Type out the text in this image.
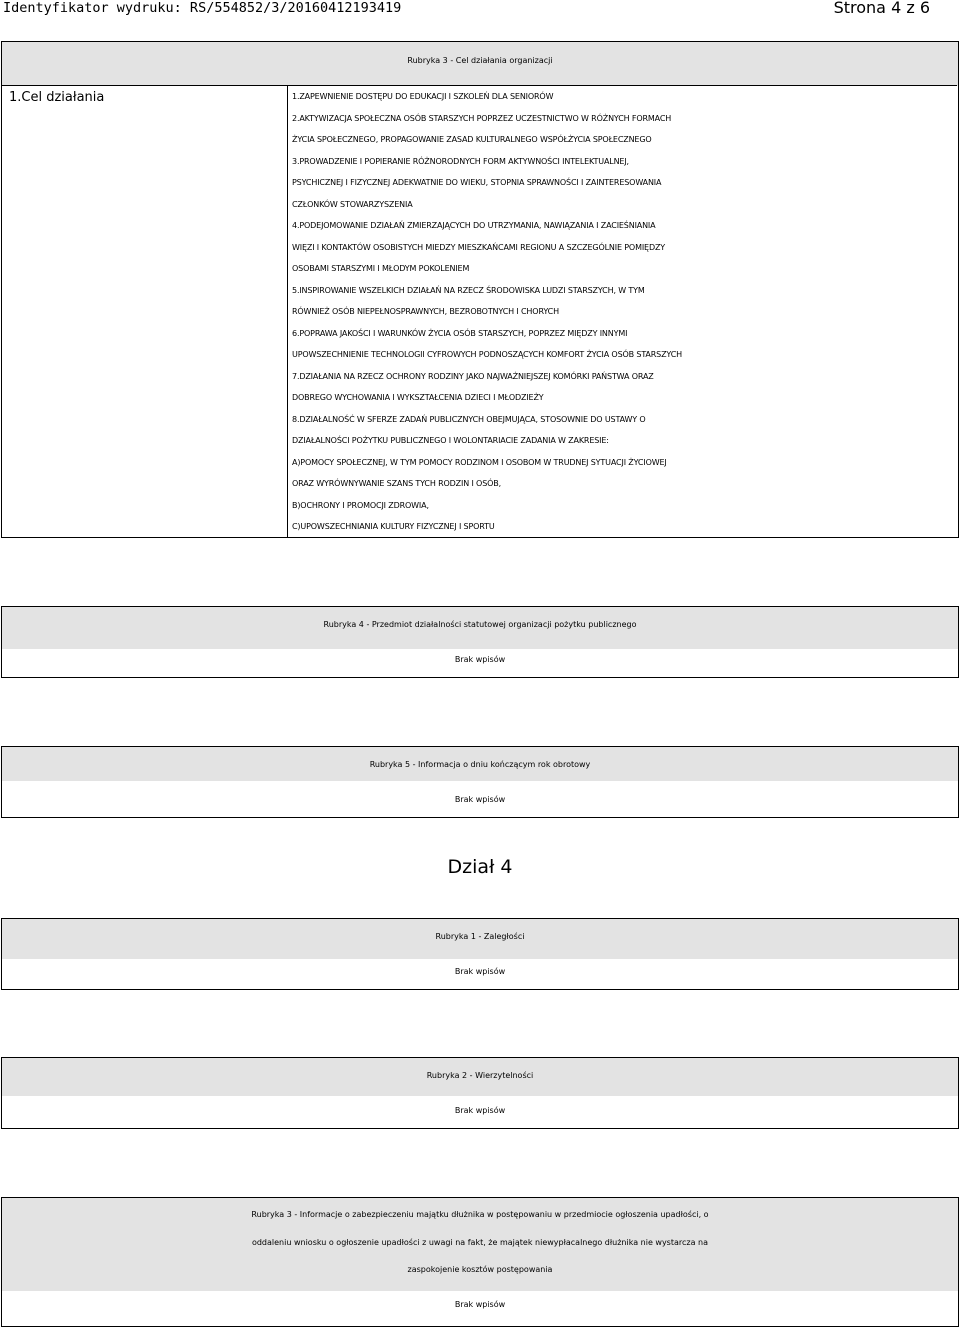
Identyfikator wydruku: RS/554852/3/20160412193419	Strona 4 z 6
Rubryka 3 - Cel działania organizacji
1.Cel działania	1.ZAPEWNIENIE DOSTĘPU DO EDUKACJI I SZKOLEŃ DLA SENIORÓW
2.AKTYWIZACJA SPOŁECZNA OSÓB STARSZYCH POPRZEZ UCZESTNICTWO W RÓŻNYCH FORMACH
ŻYCIA SPOŁECZNEGO, PROPAGOWANIE ZASAD KULTURALNEGO WSPÓŁŻYCIA SPOŁECZNEGO
3.PROWADZENIE I POPIERANIE RÓŻNORODNYCH FORM AKTYWNOŚCI INTELEKTUALNEJ,
PSYCHICZNEJ I FIZYCZNEJ ADEKWATNIE DO WIEKU, STOPNIA SPRAWNOŚCI I ZAINTERESOWANIA
CZŁONKÓW STOWARZYSZENIA
4.PODEJOMOWANIE DZIAŁAŃ ZMIERZAJĄCYCH DO UTRZYMANIA, NAWIĄZANIA I ZACIEŚNIANIA
WIĘZI I KONTAKTÓW OSOBISTYCH MIEDZY MIESZKAŃCAMI REGIONU A SZCZEGÓLNIE POMIĘDZY
OSOBAMI STARSZYMI I MŁODYM POKOLENIEM
5.INSPIROWANIE WSZELKICH DZIAŁAŃ NA RZECZ ŚRODOWISKA LUDZI STARSZYCH, W TYM
RÓWNIEŻ OSÓB NIEPEŁNOSPRAWNYCH, BEZROBOTNYCH I CHORYCH
6.POPRAWA JAKOŚCI I WARUNKÓW ŻYCIA OSÓB STARSZYCH, POPRZEZ MIĘDZY INNYMI
UPOWSZECHNIENIE TECHNOLOGII CYFROWYCH PODNOSZĄCYCH KOMFORT ŻYCIA OSÓB STARSZYCH
7.DZIAŁANIA NA RZECZ OCHRONY RODZINY JAKO NAJWAŻNIEJSZEJ KOMÓRKI PAŃSTWA ORAZ
DOBREGO WYCHOWANIA I WYKSZTAŁCENIA DZIECI I MŁODZIEŻY
8.DZIAŁALNOŚĆ W SFERZE ZADAŃ PUBLICZNYCH OBEJMUJĄCA, STOSOWNIE DO USTAWY O
DZIAŁALNOŚCI POŻYTKU PUBLICZNEGO I WOLONTARIACIE ZADANIA W ZAKRESIE:
A)POMOCY SPOŁECZNEJ, W TYM POMOCY RODZINOM I OSOBOM W TRUDNEJ SYTUACJI ŻYCIOWEJ
ORAZ WYRÓWNYWANIE SZANS TYCH RODZIN I OSÓB,
B)OCHRONY I PROMOCJI ZDROWIA,
C)UPOWSZECHNIANIA KULTURY FIZYCZNEJ I SPORTU
Rubryka 4 - Przedmiot działalności statutowej organizacji pożytku publicznego
Brak wpisów
Rubryka 5 - Informacja o dniu kończącym rok obrotowy
Brak wpisów
Dział 4
Rubryka 1 - Zaległości
Brak wpisów
Rubryka 2 - Wierzytelności
Brak wpisów
Rubryka 3 - Informacje o zabezpieczeniu majątku dłużnika w postępowaniu w przedmiocie ogłoszenia upadłości, o
oddaleniu wniosku o ogłoszenie upadłości z uwagi na fakt, że majątek niewypłacalnego dłużnika nie wystarcza na
zaspokojenie kosztów postępowania
Brak wpisów
